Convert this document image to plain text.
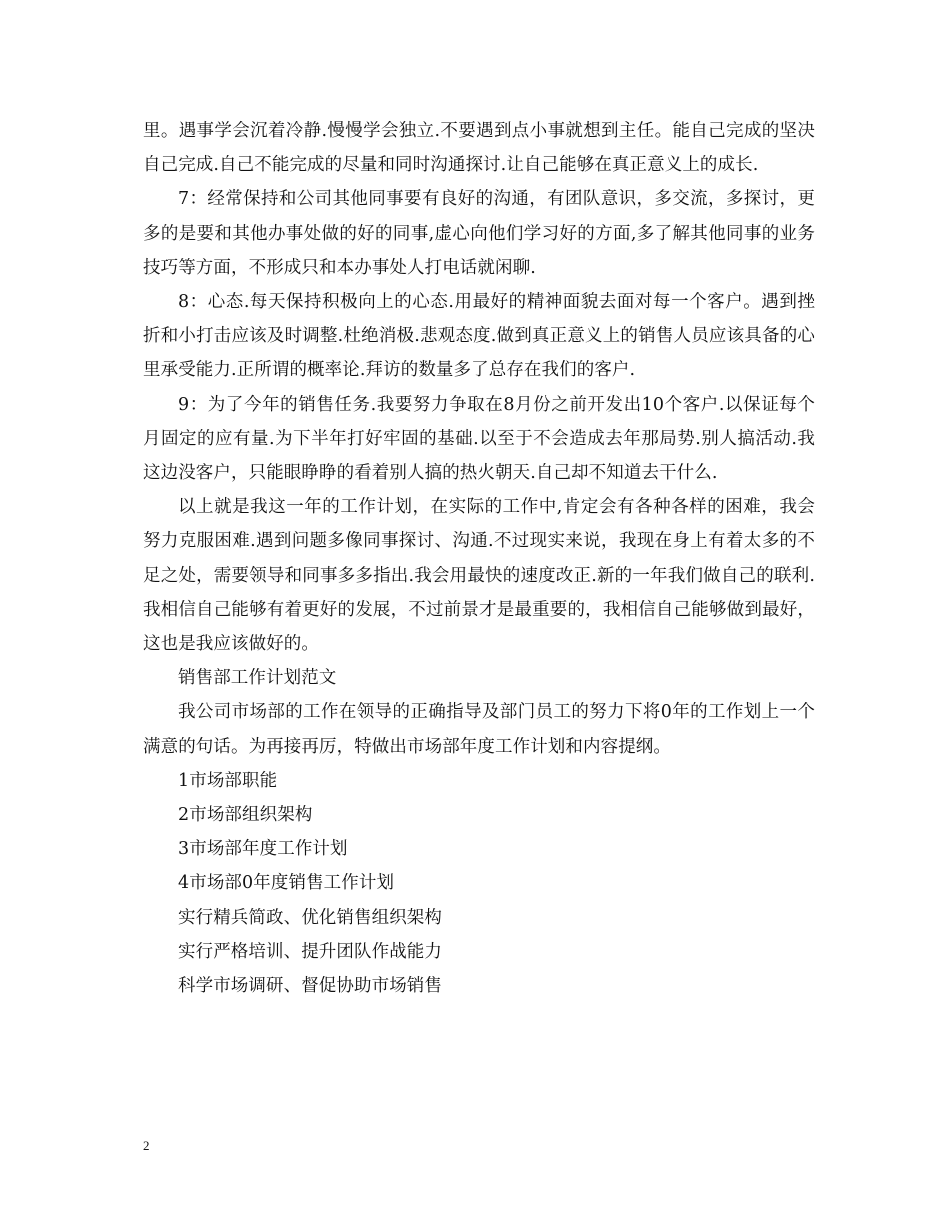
里。遇事学会沉着冷静.慢慢学会独立.不要遇到点小事就想到主任。能自己完成的坚决自己完成.自己不能完成的尽量和同时沟通探讨.让自己能够在真正意义上的成长.

7：经常保持和公司其他同事要有良好的沟通，有团队意识，多交流，多探讨，更多的是要和其他办事处做的好的同事,虚心向他们学习好的方面,多了解其他同事的业务技巧等方面，不形成只和本办事处人打电话就闲聊.

8：心态.每天保持积极向上的心态.用最好的精神面貌去面对每一个客户。遇到挫折和小打击应该及时调整.杜绝消极.悲观态度.做到真正意义上的销售人员应该具备的心里承受能力.正所谓的概率论.拜访的数量多了总存在我们的客户.

9：为了今年的销售任务.我要努力争取在8月份之前开发出10个客户.以保证每个月固定的应有量.为下半年打好牢固的基础.以至于不会造成去年那局势.别人搞活动.我这边没客户，只能眼睁睁的看着别人搞的热火朝天.自己却不知道去干什么.

以上就是我这一年的工作计划，在实际的工作中,肯定会有各种各样的困难，我会努力克服困难.遇到问题多像同事探讨、沟通.不过现实来说，我现在身上有着太多的不足之处，需要领导和同事多多指出.我会用最快的速度改正.新的一年我们做自己的联利.我相信自己能够有着更好的发展，不过前景才是最重要的，我相信自己能够做到最好，这也是我应该做好的。

销售部工作计划范文

我公司市场部的工作在领导的正确指导及部门员工的努力下将0年的工作划上一个满意的句话。为再接再厉，特做出市场部年度工作计划和内容提纲。

1市场部职能

2市场部组织架构

3市场部年度工作计划

4市场部0年度销售工作计划

实行精兵简政、优化销售组织架构

实行严格培训、提升团队作战能力

科学市场调研、督促协助市场销售

2
